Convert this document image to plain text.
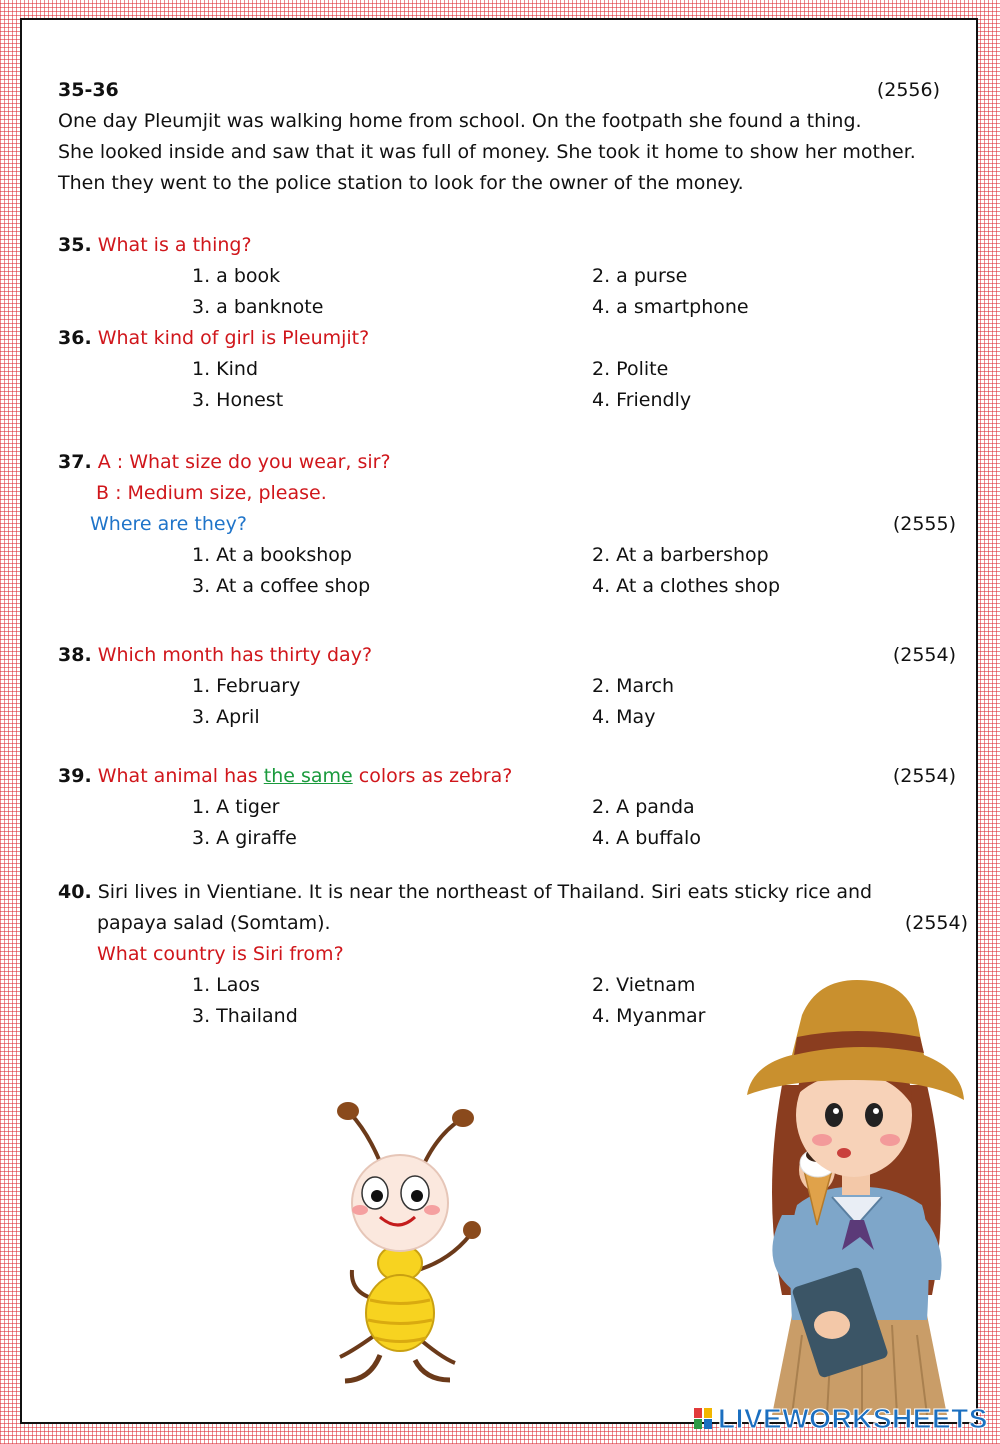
35-36	(2556)
One day Pleumjit was walking home from school. On the footpath she found a thing.
She looked inside and saw that it was full of money. She took it home to show her mother.
Then they went to the police station to look for the owner of the money.
35. What is a thing?
1. a book	2. a purse
3. a banknote	4. a smartphone
36. What kind of girl is Pleumjit?
1. Kind	2. Polite
3. Honest	4. Friendly
37. A : What size do you wear, sir?
B : Medium size, please.
Where are they?	(2555)
1. At a bookshop	2. At a barbershop
3. At a coffee shop	4. At a clothes shop
38. Which month has thirty day?	(2554)
1. February	2. March
3. April	4. May
39. What animal has the same colors as zebra?	(2554)
1. A tiger	2. A panda
3. A giraffe	4. A buffalo
40. Siri lives in Vientiane. It is near the northeast of Thailand. Siri eats sticky rice and
papaya salad (Somtam).	(2554)
What country is Siri from?
1. Laos	2. Vietnam
3. Thailand	4. Myanmar
LIVEWORKSHEETS
